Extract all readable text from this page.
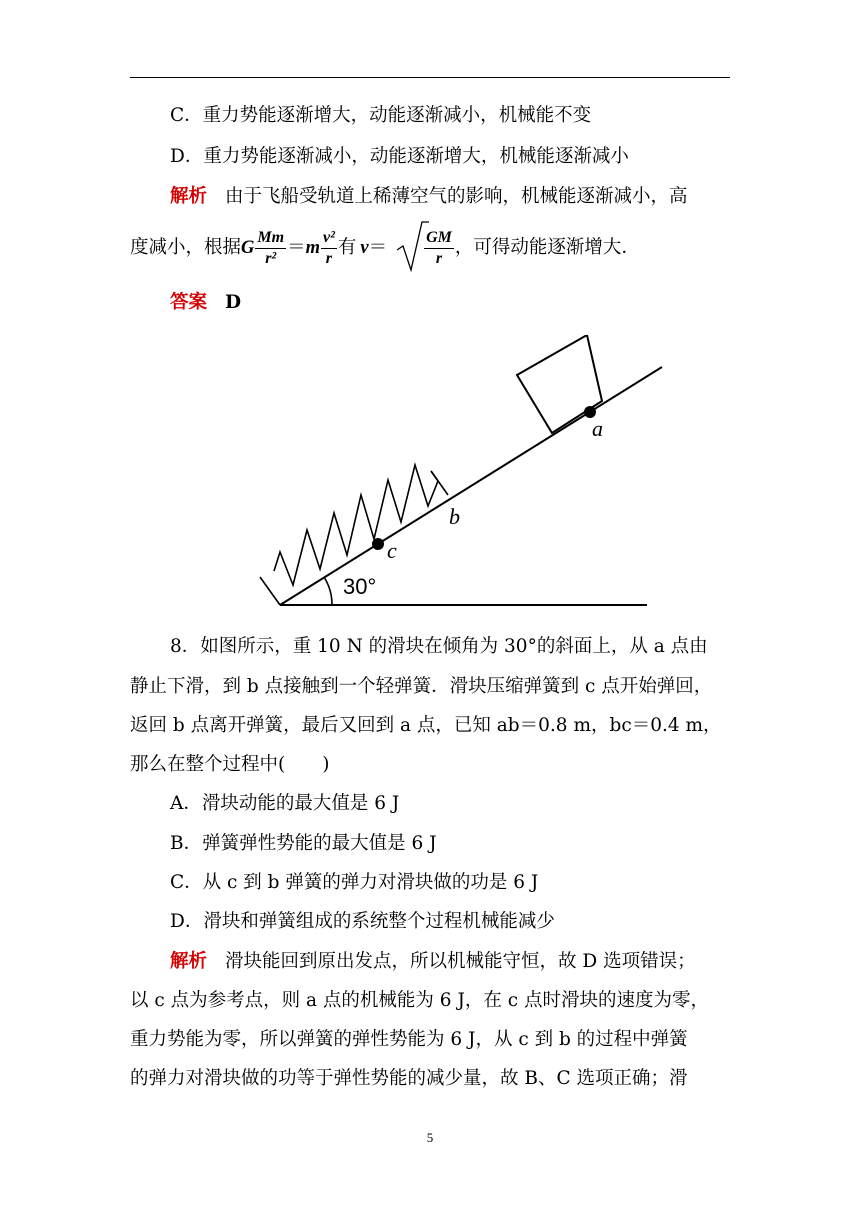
C．重力势能逐渐增大，动能逐渐减小，机械能不变
D．重力势能逐渐减小，动能逐渐增大，机械能逐渐减小
解析 由于飞船受轨道上稀薄空气的影响，机械能逐渐减小，高
度减小，根据G $\frac{Mm}{\text{r²}} =m \frac{\text{v²}}{r}$ 有 $v= \frac{GM}{r}$ ，可得动能逐渐增大．
答案 D
a
b
c
30°
8．如图所示，重 10 N 的滑块在倾角为 30°的斜面上，从 a 点由
静止下滑，到 b 点接触到一个轻弹簧．滑块压缩弹簧到 c 点开始弹回，
返回 b 点离开弹簧，最后又回到 a 点，已知 ab＝0.8 m，bc＝0.4 m，
那么在整个过程中(　　)
A．滑块动能的最大值是 6 J
B．弹簧弹性势能的最大值是 6 J
C．从 c 到 b 弹簧的弹力对滑块做的功是 6 J
D．滑块和弹簧组成的系统整个过程机械能减少
解析 滑块能回到原出发点，所以机械能守恒，故 D 选项错误；
以 c 点为参考点，则 a 点的机械能为 6 J，在 c 点时滑块的速度为零，
重力势能为零，所以弹簧的弹性势能为 6 J，从 c 到 b 的过程中弹簧
的弹力对滑块做的功等于弹性势能的减少量，故 B、C 选项正确；滑
5
